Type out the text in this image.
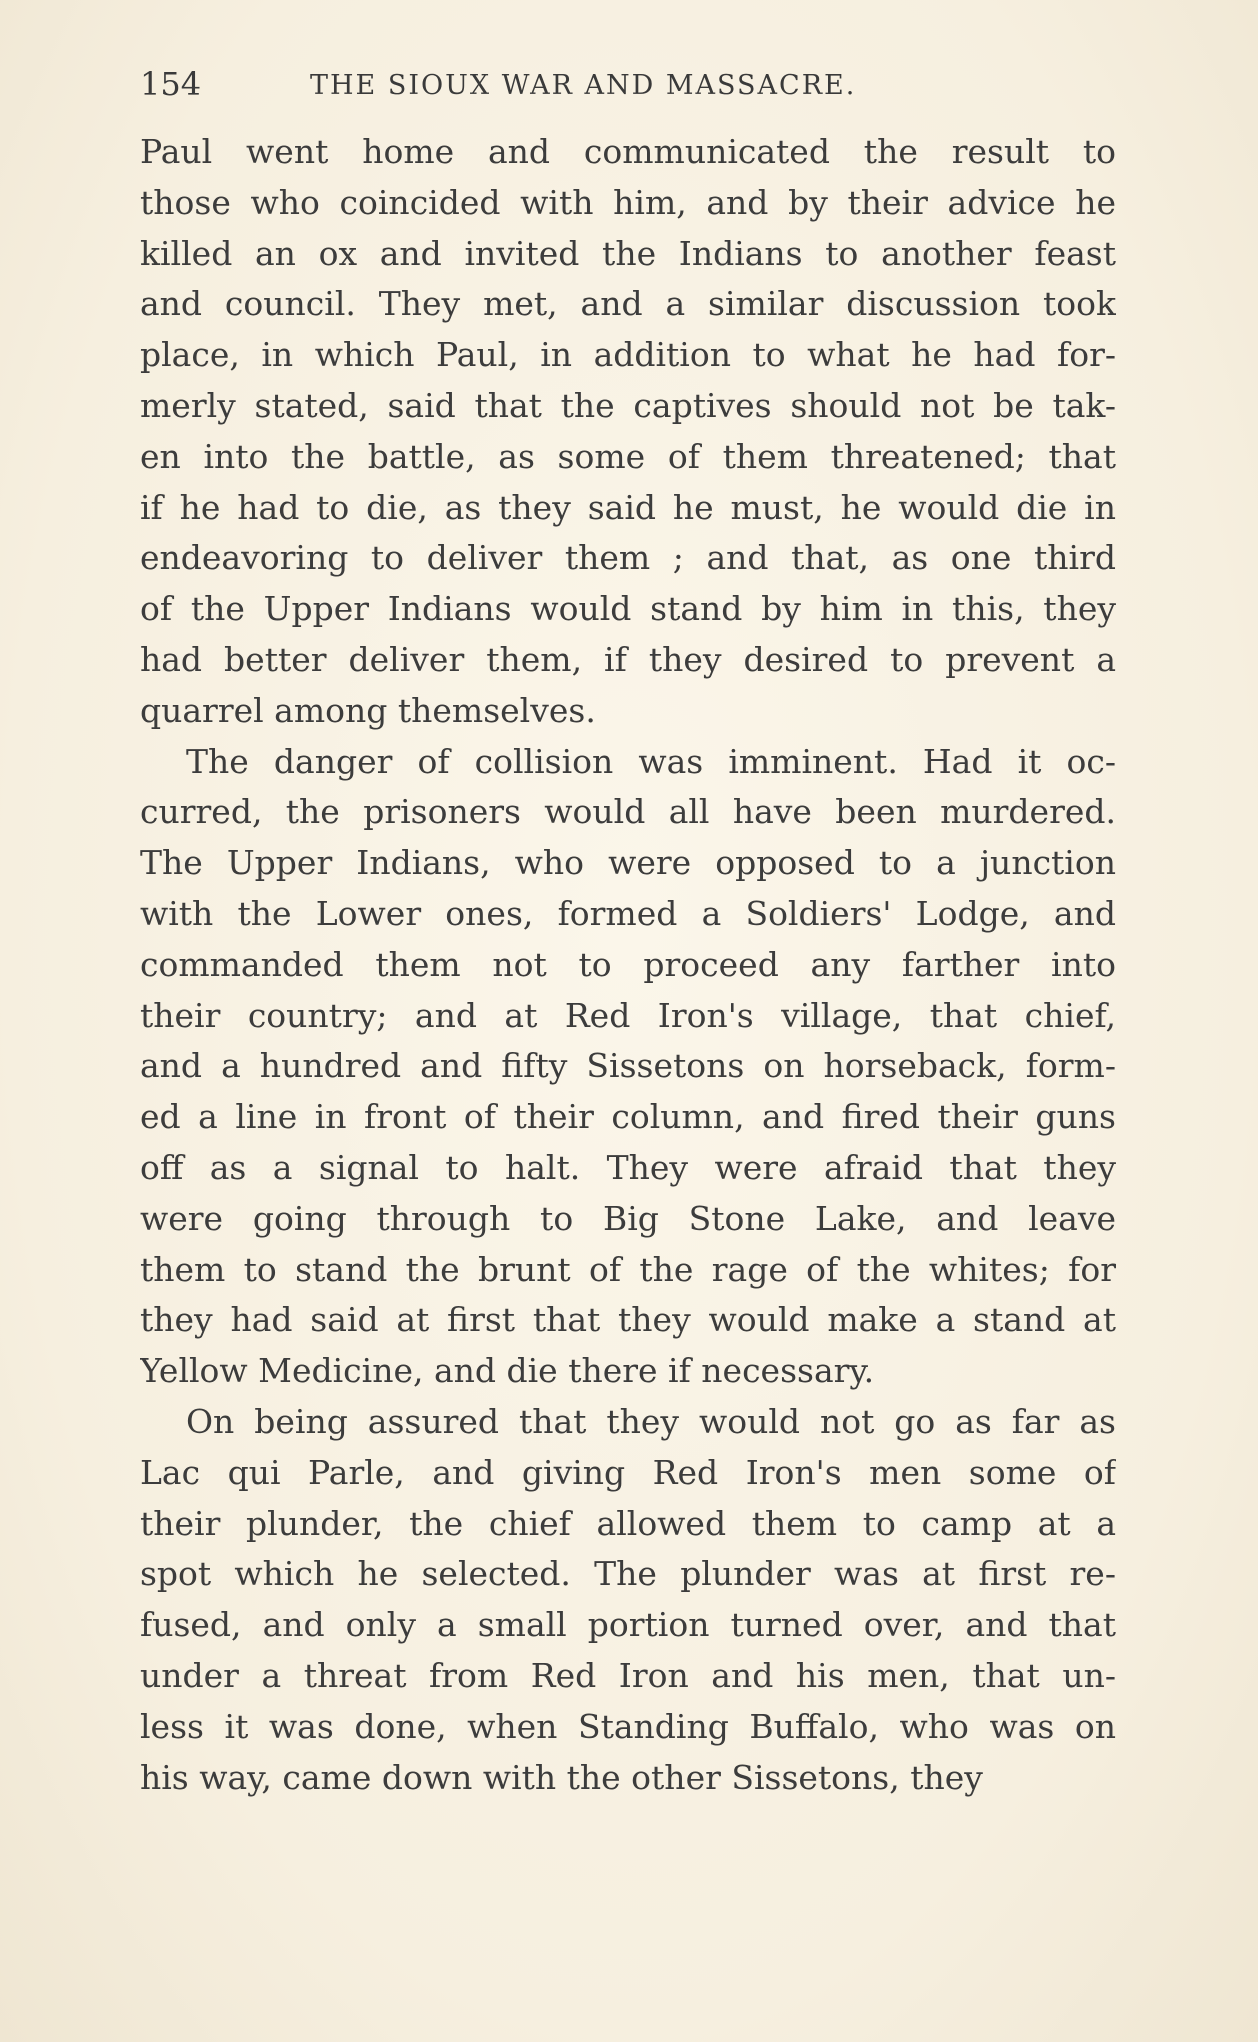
154	THE SIOUX WAR AND MASSACRE.
Paul went home and communicated the result to
those who coincided with him, and by their advice he
killed an ox and invited the Indians to another feast
and council. They met, and a similar discussion took
place, in which Paul, in addition to what he had for-
merly stated, said that the captives should not be tak-
en into the battle, as some of them threatened; that
if he had to die, as they said he must, he would die in
endeavoring to deliver them ; and that, as one third
of the Upper Indians would stand by him in this, they
had better deliver them, if they desired to prevent a
quarrel among themselves.
The danger of collision was imminent. Had it oc-
curred, the prisoners would all have been murdered.
The Upper Indians, who were opposed to a junction
with the Lower ones, formed a Soldiers' Lodge, and
commanded them not to proceed any farther into
their country; and at Red Iron's village, that chief,
and a hundred and fifty Sissetons on horseback, form-
ed a line in front of their column, and fired their guns
off as a signal to halt. They were afraid that they
were going through to Big Stone Lake, and leave
them to stand the brunt of the rage of the whites; for
they had said at first that they would make a stand at
Yellow Medicine, and die there if necessary.
On being assured that they would not go as far as
Lac qui Parle, and giving Red Iron's men some of
their plunder, the chief allowed them to camp at a
spot which he selected. The plunder was at first re-
fused, and only a small portion turned over, and that
under a threat from Red Iron and his men, that un-
less it was done, when Standing Buffalo, who was on
his way, came down with the other Sissetons, they
